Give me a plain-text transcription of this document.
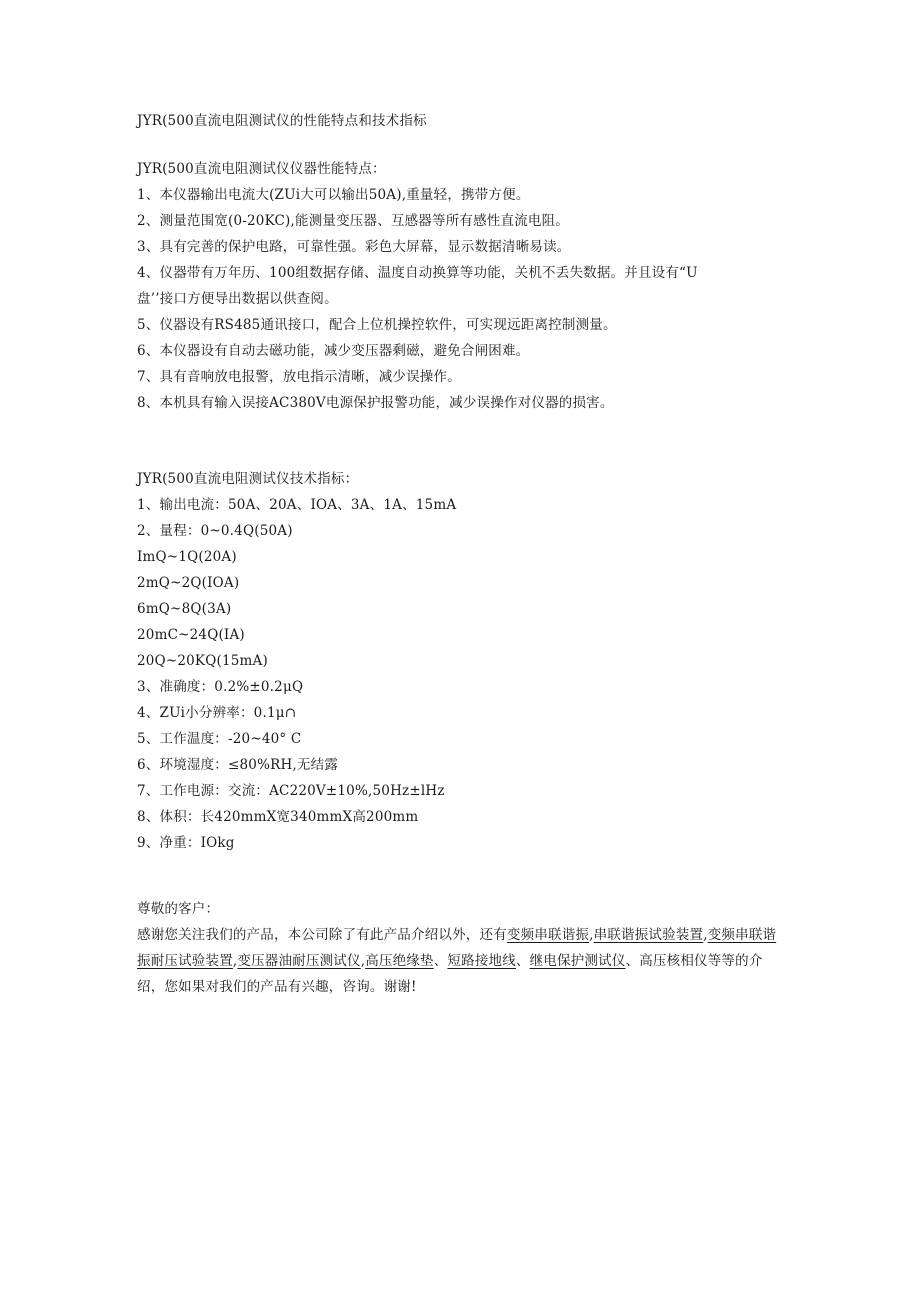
JYR(500直流电阻测试仪的性能特点和技术指标
JYR(500直流电阻测试仪仪器性能特点：
1、本仪器输出电流大(ZUi大可以输出50A),重量轻，携带方便。
2、测量范围宽(0-20KC),能测量变压器、互感器等所有感性直流电阻。
3、具有完善的保护电路，可靠性强。彩色大屏幕，显示数据清晰易读。
4、仪器带有万年历、100组数据存储、温度自动换算等功能，关机不丢失数据。并且设有“U
盘’’接口方便导出数据以供查阅。
5、仪器设有RS485通讯接口，配合上位机操控软件，可实现远距离控制测量。
6、本仪器设有自动去磁功能，减少变压器剩磁，避免合闸困难。
7、具有音响放电报警，放电指示清晰，减少误操作。
8、本机具有输入误接AC380V电源保护报警功能，减少误操作对仪器的损害。
JYR(500直流电阻测试仪技术指标：
1、输出电流：50A、20A、IOA、3A、1A、15mA
2、量程：0~0.4Q(50A)
ImQ~1Q(20A)
2mQ~2Q(IOA)
6mQ~8Q(3A)
20mC~24Q(IA)
20Q~20KQ(15mA)
3、准确度：0.2%±0.2μQ
4、ZUi小分辨率：0.1μ∩
5、工作温度：-20~40° C
6、环境湿度：≤80%RH,无结露
7、工作电源：交流：AC220V±10%,50Hz±lHz
8、体积：长420mmX宽340mmX高200mm
9、净重：IOkg
尊敬的客户：
感谢您关注我们的产品，本公司除了有此产品介绍以外，还有变频串联谐振,串联谐振试验装置,变频串联谐振耐压试验装置,变压器油耐压测试仪,高压绝缘垫、短路接地线、继电保护测试仪、高压核相仪等等的介绍，您如果对我们的产品有兴趣，咨询。谢谢!
